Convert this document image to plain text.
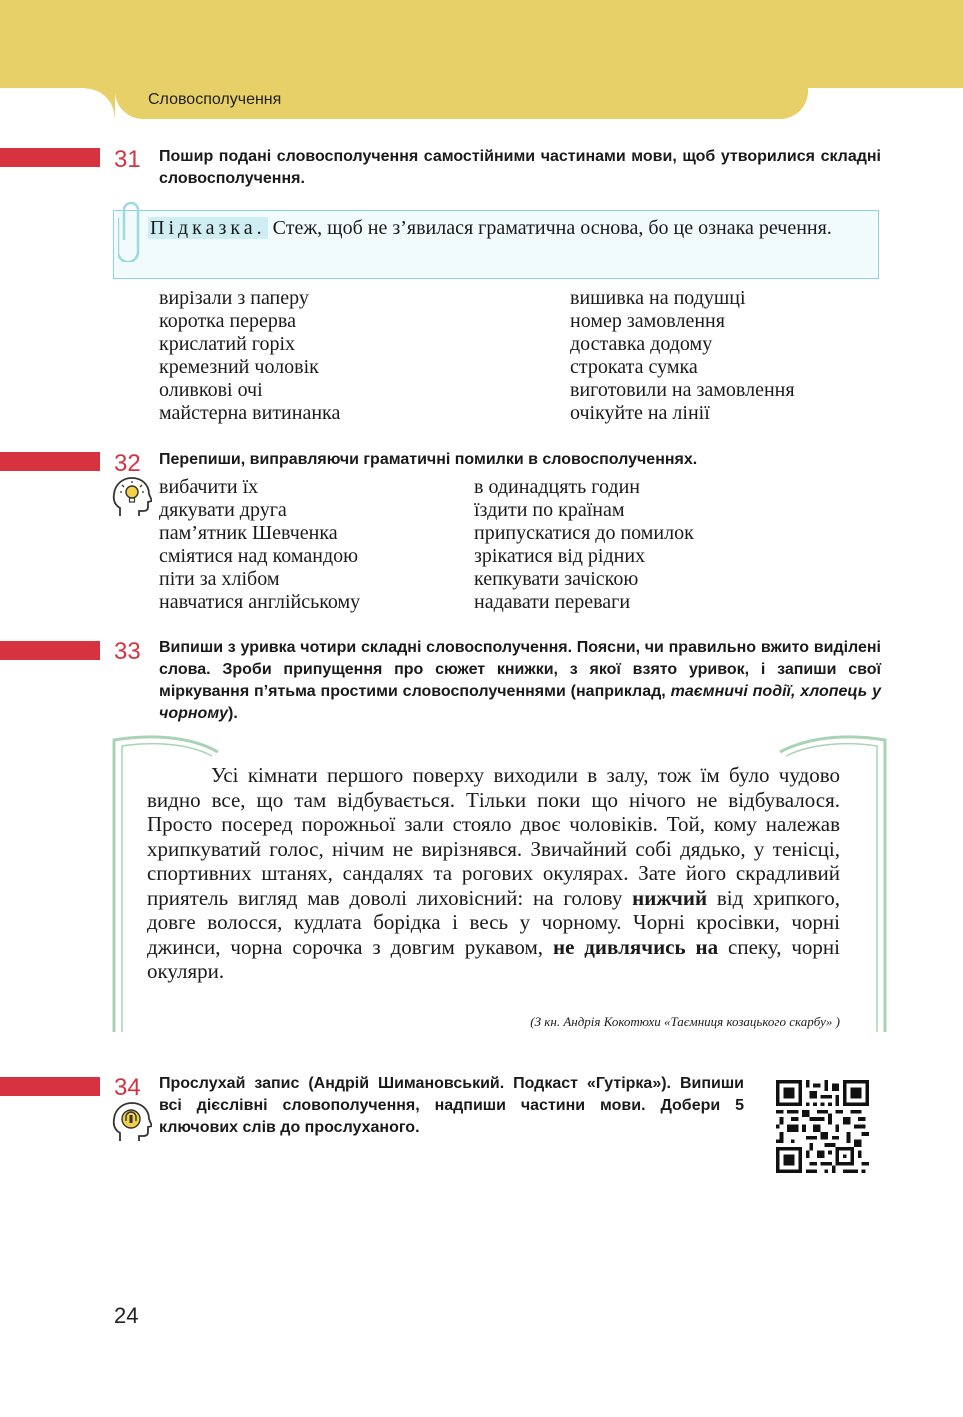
Словосполучення
31 Пошир подані словосполучення самостійними частинами мови, щоб утворилися складні словосполучення.
Підказка. Стеж, щоб не з’явилася граматична основа, бо це ознака речення.
вирізали з паперу
коротка перерва
крислатий горіх
кремезний чоловік
оливкові очі
майстерна витинанка
вишивка на подушці
номер замовлення
доставка додому
строката сумка
виготовили на замовлення
очікуйте на лінії
32 Перепиши, виправляючи граматичні помилки в словосполученнях.
вибачити їх
дякувати друга
пам’ятник Шевченка
сміятися над командою
піти за хлібом
навчатися англійському
в одинадцять годин
їздити по країнам
припускатися до помилок
зрікатися від рідних
кепкувати зачіскою
надавати переваги
33 Випиши з уривка чотири складні словосполучення. Поясни, чи правильно вжито виділені слова. Зроби припущення про сюжет книжки, з якої взято уривок, і запиши свої міркування п’ятьма простими словосполученнями (наприклад, таємничі події, хлопець у чорному).

Усі кімнати першого поверху виходили в залу, тож їм було чудово видно все, що там відбувається. Тільки поки що нічого не відбувалося. Просто посеред порожньої зали стояло двоє чоловіків. Той, кому належав хрипкуватий голос, нічим не вирізнявся. Звичайний собі дядько, у тенісці, спортивних штанях, сандалях та рогових окулярах. Зате його скрадливий приятель вигляд мав доволі лиховісний: на голову нижчий від хрипкого, довге волосся, кудлата борідка і весь у чорному. Чорні кросівки, чорні джинси, чорна сорочка з довгим рукавом, не дивлячись на спеку, чорні окуляри.

(З кн. Андрія Кокотюхи «Таємниця козацького скарбу» )
34 Прослухай запис (Андрій Шимановський. Подкаст «Гутірка»). Випиши всі дієслівні словополучення, надпиши частини мови. Добери 5 ключових слів до прослуханого.
24
